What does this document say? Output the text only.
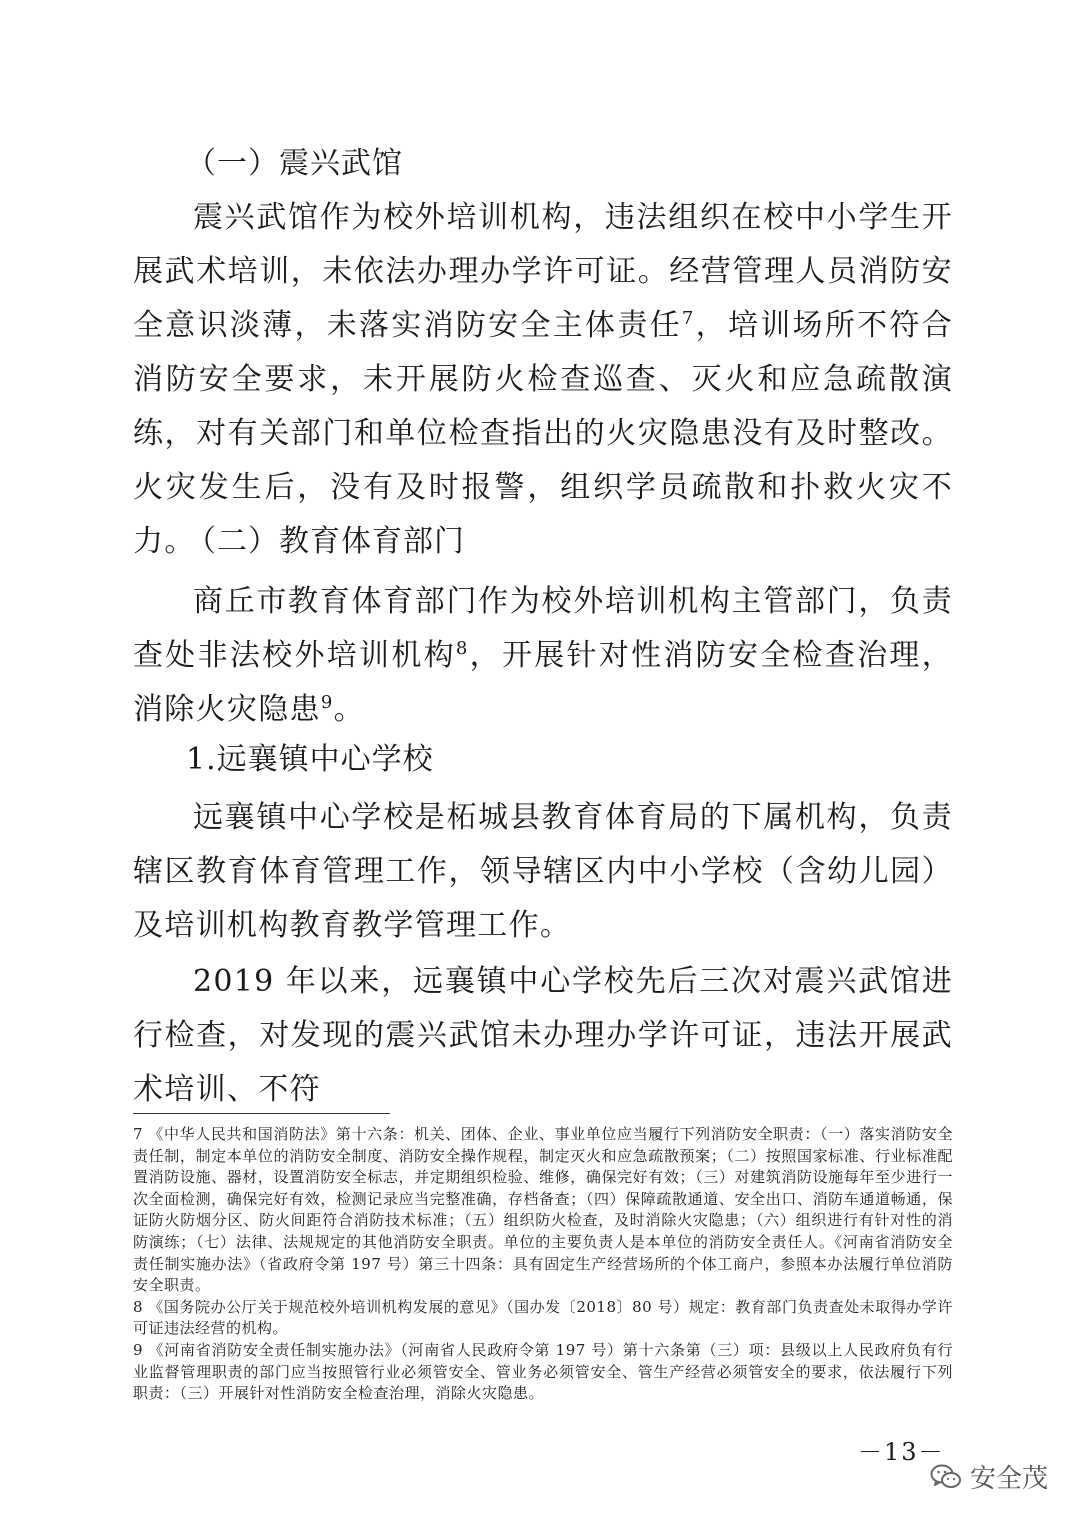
（一）震兴武馆
震兴武馆作为校外培训机构，违法组织在校中小学生开展武术培训，未依法办理办学许可证。经营管理人员消防安全意识淡薄，未落实消防安全主体责任$^7$，培训场所不符合消防安全要求，未开展防火检查巡查、灭火和应急疏散演练，对有关部门和单位检查指出的火灾隐患没有及时整改。火灾发生后，没有及时报警，组织学员疏散和扑救火灾不力。
（二）教育体育部门
商丘市教育体育部门作为校外培训机构主管部门，负责查处非法校外培训机构$^8$，开展针对性消防安全检查治理，消除火灾隐患$^9$。
1.远襄镇中心学校
远襄镇中心学校是柘城县教育体育局的下属机构，负责辖区教育体育管理工作，领导辖区内中小学校（含幼儿园）及培训机构教育教学管理工作。
2019 年以来，远襄镇中心学校先后三次对震兴武馆进行检查，对发现的震兴武馆未办理办学许可证，违法开展武术培训、不符

7 《中华人民共和国消防法》第十六条：机关、团体、企业、事业单位应当履行下列消防安全职责：（一）落实消防安全责任制，制定本单位的消防安全制度、消防安全操作规程，制定灭火和应急疏散预案；（二）按照国家标准、行业标准配置消防设施、器材，设置消防安全标志，并定期组织检验、维修，确保完好有效；（三）对建筑消防设施每年至少进行一次全面检测，确保完好有效，检测记录应当完整准确，存档备查；（四）保障疏散通道、安全出口、消防车通道畅通，保证防火防烟分区、防火间距符合消防技术标准；（五）组织防火检查，及时消除火灾隐患；（六）组织进行有针对性的消防演练；（七）法律、法规规定的其他消防安全职责。单位的主要负责人是本单位的消防安全责任人。《河南省消防安全责任制实施办法》（省政府令第 197 号）第三十四条：具有固定生产经营场所的个体工商户，参照本办法履行单位消防安全职责。

8 《国务院办公厅关于规范校外培训机构发展的意见》（国办发〔2018〕80 号）规定：教育部门负责查处未取得办学许可证违法经营的机构。

9 《河南省消防安全责任制实施办法》（河南省人民政府令第 197 号）第十六条第（三）项：县级以上人民政府负有行业监督管理职责的部门应当按照管行业必须管安全、管业务必须管安全、管生产经营必须管安全的要求，依法履行下列职责：（三）开展针对性消防安全检查治理，消除火灾隐患。

－13－
安全茂
